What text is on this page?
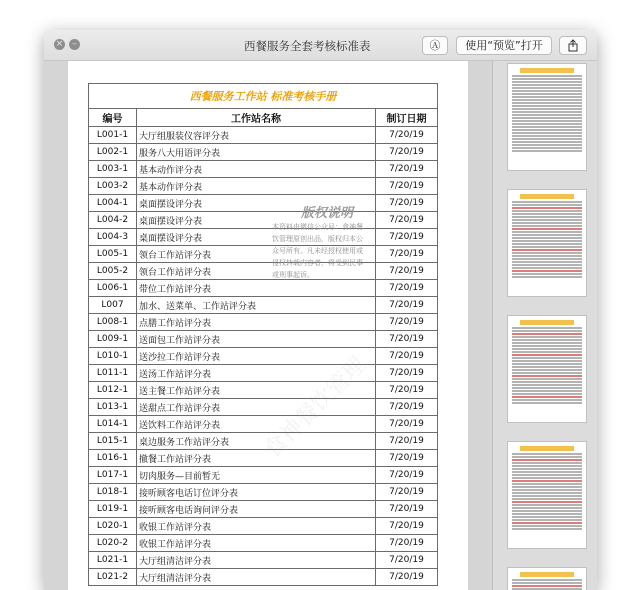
× –	西餐服务全套考核标准表	Ⓐ	使用“预览”打开
西餐服务工作站 标准考核手册		
编号	工作站名称	制订日期
L001-1	大厅组服装仪容评分表	7/20/19
L002-1	服务八大用语评分表	7/20/19
L003-1	基本动作评分表	7/20/19
L003-2	基本动作评分表	7/20/19
L004-1	桌面摆设评分表	7/20/19
L004-2	桌面摆设评分表	7/20/19
L004-3	桌面摆设评分表	7/20/19
L005-1	领台工作站评分表	7/20/19
L005-2	领台工作站评分表	7/20/19
L006-1	带位工作站评分表	7/20/19
L007	加水、送菜单、工作站评分表	7/20/19
L008-1	点膳工作站评分表	7/20/19
L009-1	送面包工作站评分表	7/20/19
L010-1	送沙拉工作站评分表	7/20/19
L011-1	送汤工作站评分表	7/20/19
L012-1	送主餐工作站评分表	7/20/19
L013-1	送甜点工作站评分表	7/20/19
L014-1	送饮料工作站评分表	7/20/19
L015-1	桌边服务工作站评分表	7/20/19
L016-1	撤餐工作站评分表	7/20/19
L017-1	切肉服务—目前暂无	7/20/19
L018-1	接听顾客电话订位评分表	7/20/19
L019-1	接听顾客电话询问评分表	7/20/19
L020-1	收银工作站评分表	7/20/19
L020-2	收银工作站评分表	7/20/19
L021-1	大厅组清洁评分表	7/20/19
L021-2	大厅组清洁评分表	7/20/19
版权说明
本资料由微信公众号：食神餐饮管理原创出品，版权归本公众号所有。凡未经授权使用或侵权转载内容者，将受到民事或刑事起诉。
食神餐饮管理
